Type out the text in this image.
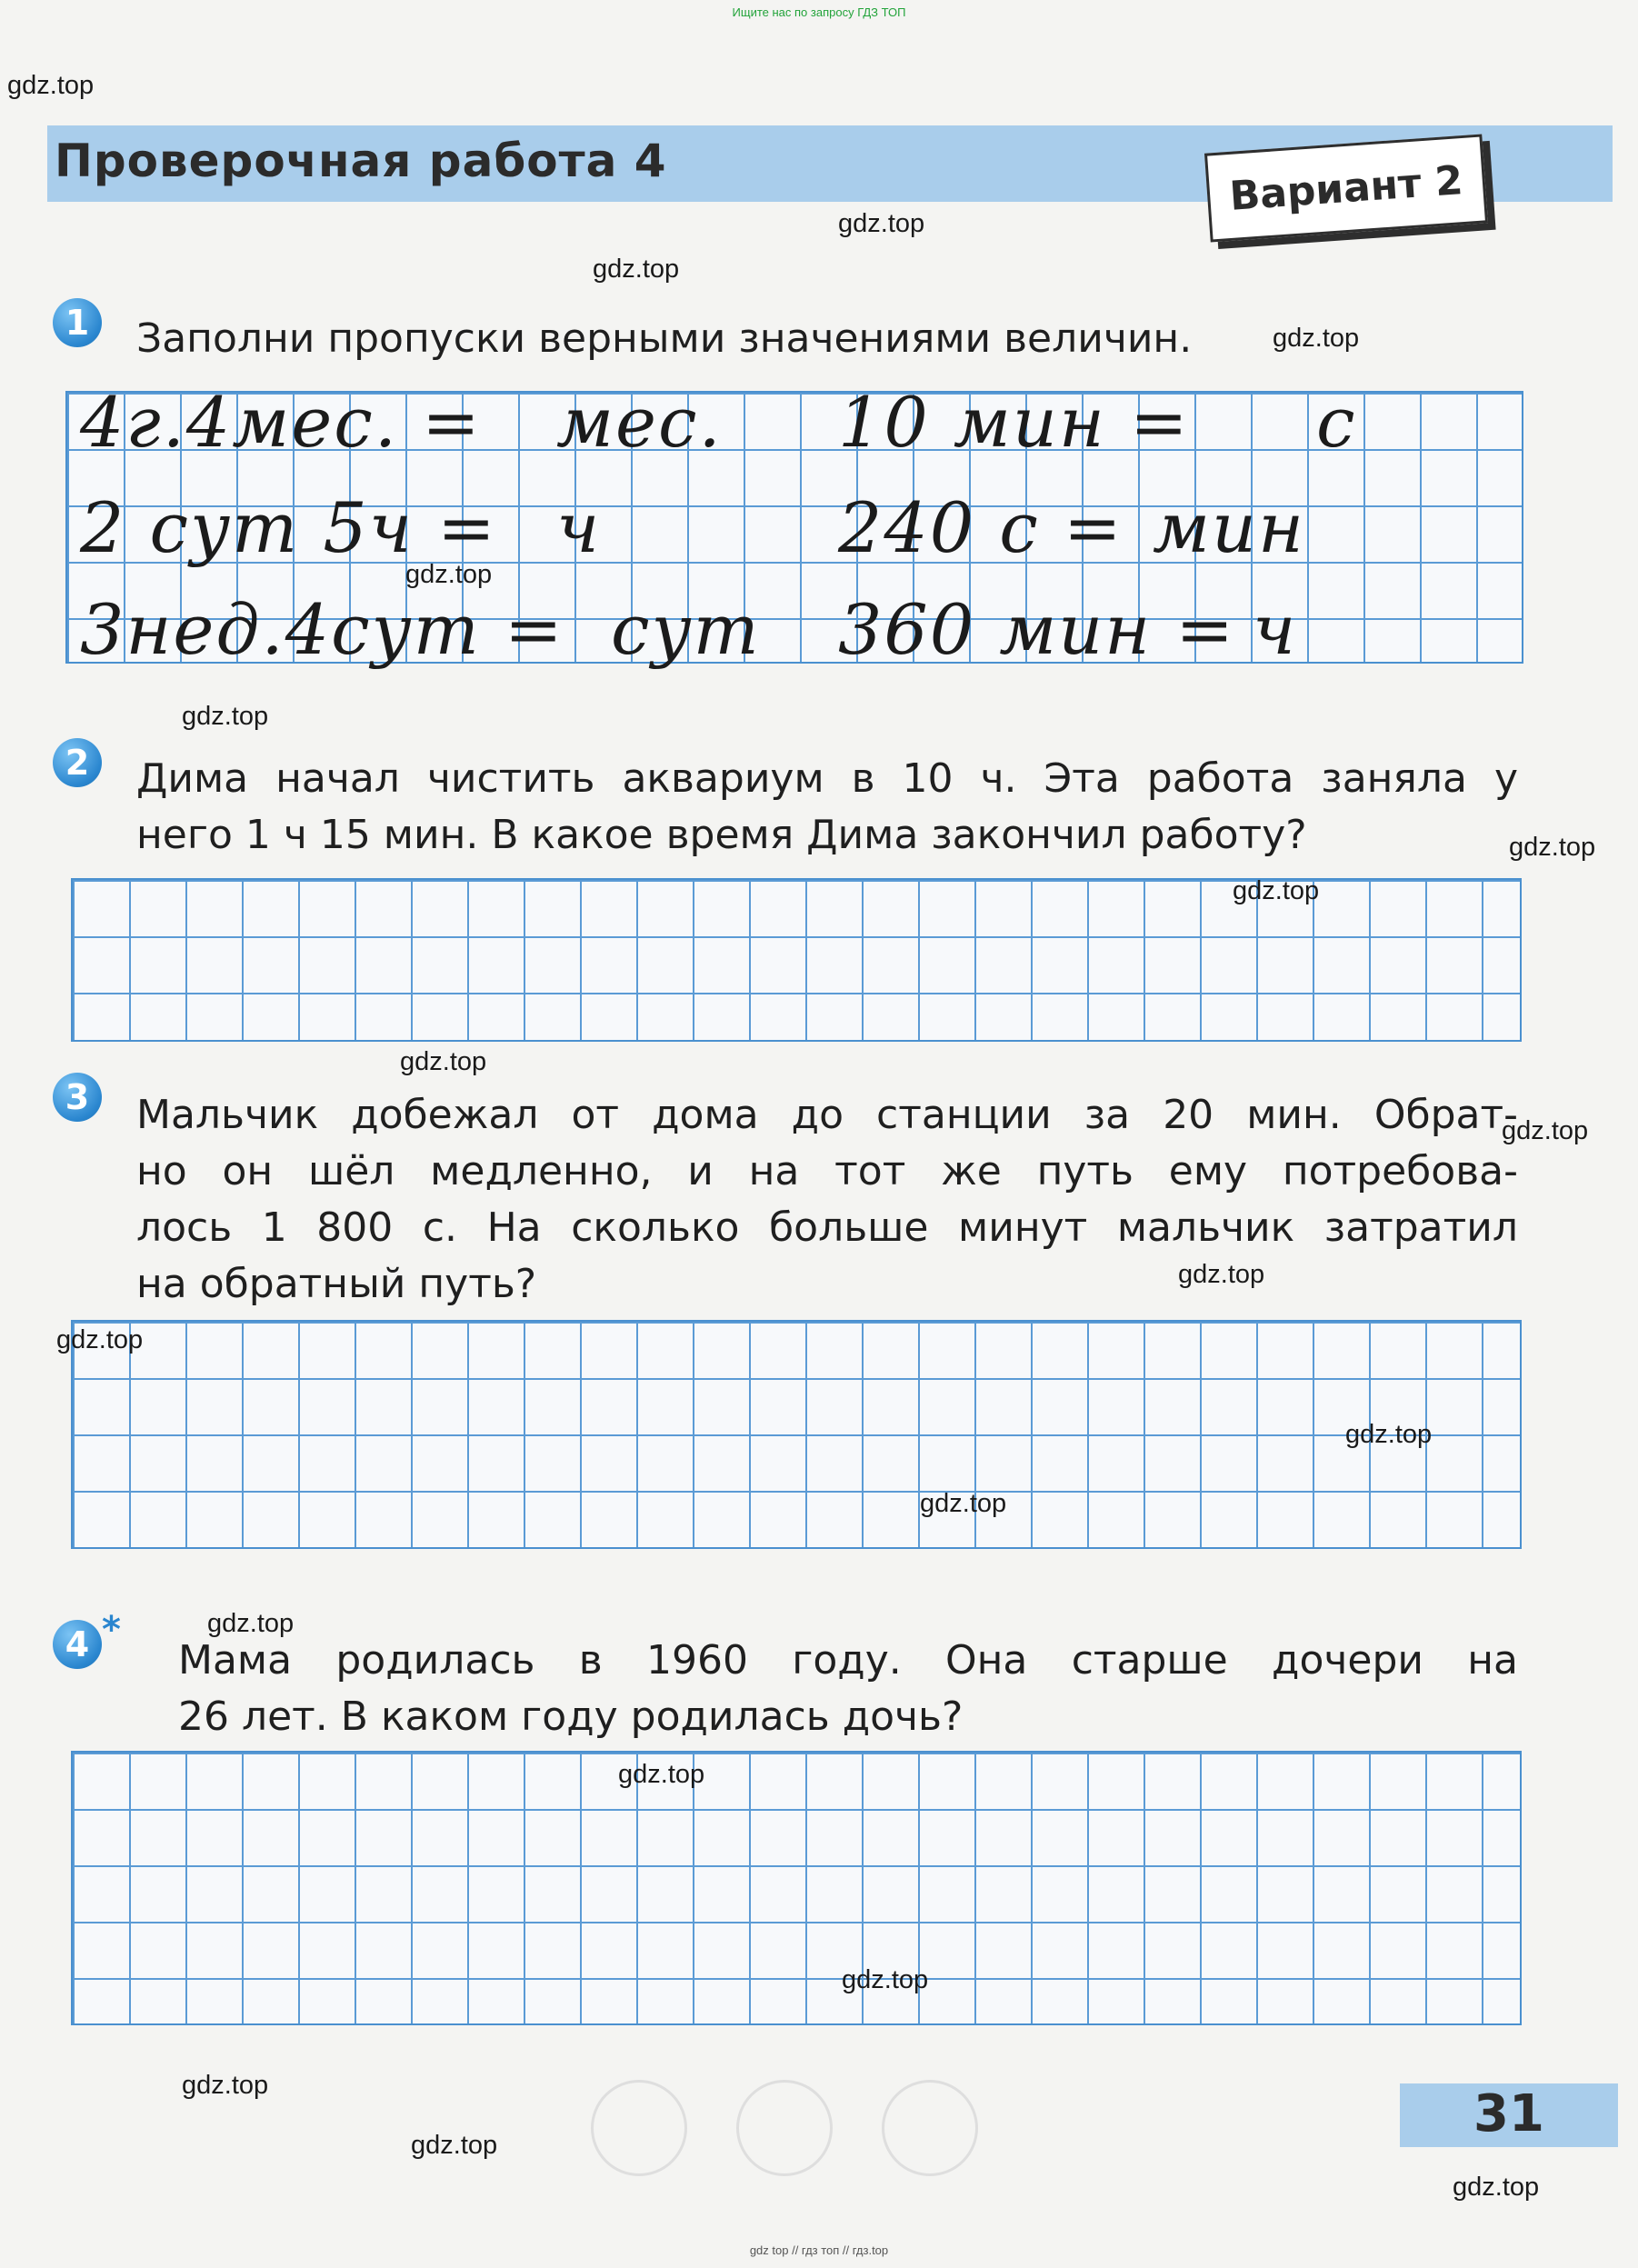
Ищите нас по запросу ГДЗ ТОП
Проверочная работа 4	Вариант 2
1 Заполни пропуски верными значениями величин.
4г.4мес. = мес. 10 мин = с
2 сут 5ч = ч	240 с = мин
3нед.4сут = сут 360 мин = ч
2 Дима начал чистить аквариум в 10 ч. Эта работа заняла у
него 1 ч 15 мин. В какое время Дима закончил работу?
3 Мальчик добежал от дома до станции за 20 мин. Обрат-
но он шёл медленно, и на тот же путь ему потребова-
лось 1 800 с. На сколько больше минут мальчик затратил
на обратный путь?
4 *
Мама родилась в 1960 году. Она старше дочери на
26 лет. В каком году родилась дочь?
31
gdz.top
gdz.top
gdz.top
gdz.top
gdz.top
gdz.top
gdz.top
gdz.top
gdz.top
gdz.top
gdz.top
gdz.top
gdz.top
gdz.top
gdz.top
gdz.top
gdz.top
gdz.top
gdz.top
gdz.top
gdz top // гдз топ // гдз.top
